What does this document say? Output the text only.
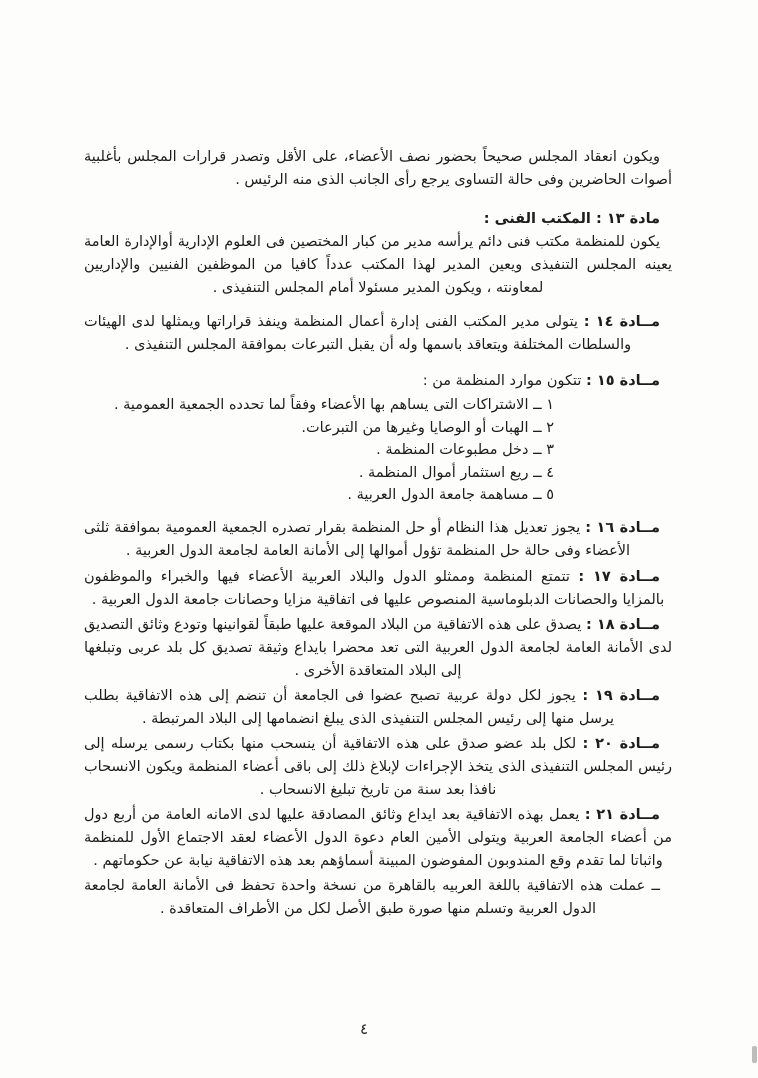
ويكون انعقاد المجلس صحيحاً بحضور نصف الأعضاء، على الأقل وتصدر قرارات المجلس بأغلبية أصوات الحاضرين وفى حالة التساوى يرجع رأى الجانب الذى منه الرئيس .

مادة ١٣ : المكتب الفنى :

يكون للمنظمة مكتب فنى دائم يرأسه مدير من كبار المختصين فى العلوم الإدارية أوالإدارة العامة يعينه المجلس التنفيذى ويعين المدير لهذا المكتب عدداً كافيا من الموظفين الفنيين والإداريين لمعاونته ، ويكون المدير مسئولا أمام المجلس التنفيذى .

مــادة ١٤ : يتولى مدير المكتب الفنى إدارة أعمال المنظمة وينفذ قراراتها ويمثلها لدى الهيئات والسلطات المختلفة ويتعاقد باسمها وله أن يقبل التبرعات بموافقة المجلس التنفيذى .

مــادة ١٥ : تتكون موارد المنظمة من :

١ ــ الاشتراكات التى يساهم بها الأعضاء وفقاً لما تحدده الجمعية العمومية .
٢ ــ الهبات أو الوصايا وغيرها من التبرعات.
٣ ــ دخل مطبوعات المنظمة .
٤ ــ ريع استثمار أموال المنظمة .
٥ ــ مساهمة جامعة الدول العربية .

مــادة ١٦ : يجوز تعديل هذا النظام أو حل المنظمة بقرار تصدره الجمعية العمومية بموافقة ثلثى الأعضاء وفى حالة حل المنظمة تؤول أموالها إلى الأمانة العامة لجامعة الدول العربية .

مــادة ١٧ : تتمتع المنظمة وممثلو الدول والبلاد العربية الأعضاء فيها والخبراء والموظفون بالمزايا والحصانات الدبلوماسية المنصوص عليها فى اتفاقية مزايا وحصانات جامعة الدول العربية .

مــادة ١٨ : يصدق على هذه الاتفاقية من البلاد الموقعة عليها طبقاً لقوانينها وتودع وثائق التصديق لدى الأمانة العامة لجامعة الدول العربية التى تعد محضرا بايداع وثيقة تصديق كل بلد عربى وتبلغها إلى البلاد المتعاقدة الأخرى .

مــادة ١٩ : يجوز لكل دولة عربية تصبح عضوا فى الجامعة أن تنضم إلى هذه الاتفاقية بطلب يرسل منها إلى رئيس المجلس التنفيذى الذى يبلغ انضمامها إلى البلاد المرتبطة .

مــادة ٢٠ : لكل بلد عضو صدق على هذه الاتفاقية أن ينسحب منها بكتاب رسمى يرسله إلى رئيس المجلس التنفيذى الذى يتخذ الإجراءات لإبلاغ ذلك إلى باقى أعضاء المنظمة ويكون الانسحاب نافذا بعد سنة من تاريخ تبليغ الانسحاب .

مــادة ٢١ : يعمل بهذه الاتفاقية بعد ايداع وثائق المصادقة عليها لدى الامانه العامة من أربع دول من أعضاء الجامعة العربية ويتولى الأمين العام دعوة الدول الأعضاء لعقد الاجتماع الأول للمنظمة واثباتا لما تقدم وقع المندوبون المفوضون المبينة أسماؤهم بعد هذه الاتفاقية نيابة عن حكوماتهم .

ــ عملت هذه الاتفاقية باللغة العربيه بالقاهرة من نسخة واحدة تحفظ فى الأمانة العامة لجامعة الدول العربية وتسلم منها صورة طبق الأصل لكل من الأطراف المتعاقدة .

٤
